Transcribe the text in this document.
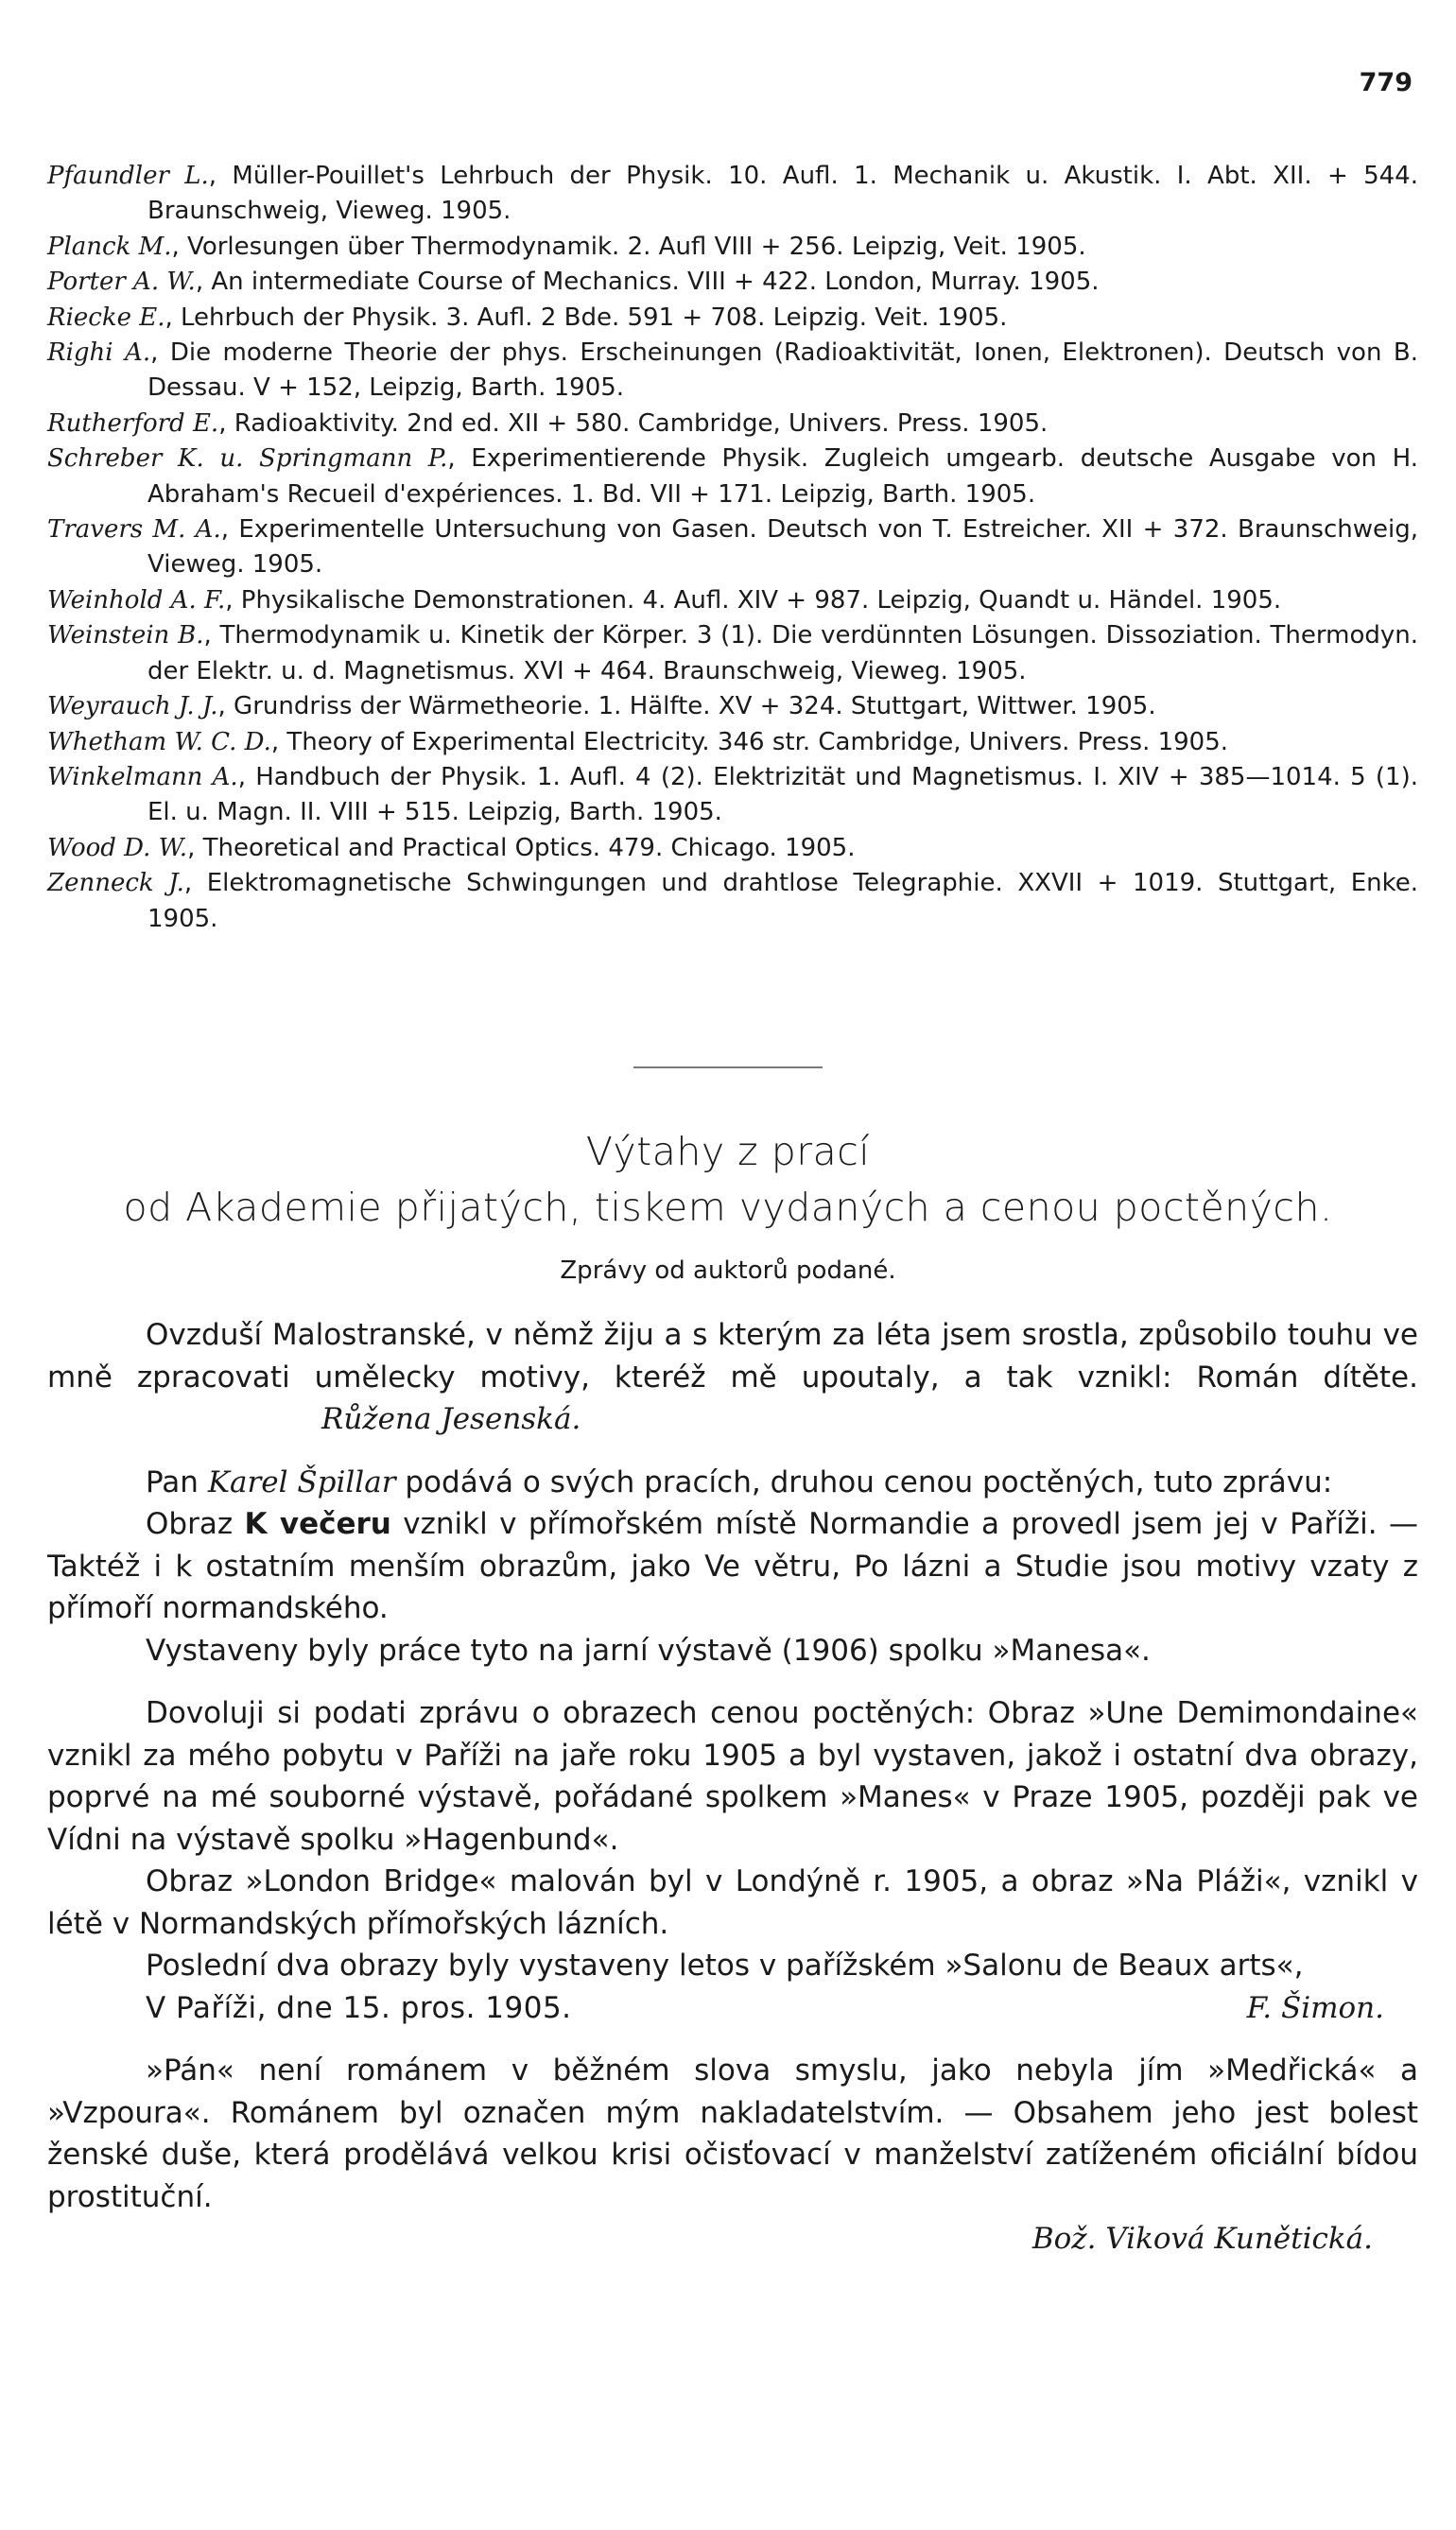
779
Pfaundler L., Müller-Pouillet's Lehrbuch der Physik. 10. Aufl. 1. Mechanik u. Akustik. I. Abt. XII. + 544. Braunschweig, Vieweg. 1905.
Planck M., Vorlesungen über Thermodynamik. 2. Aufl VIII + 256. Leipzig, Veit. 1905.
Porter A. W., An intermediate Course of Mechanics. VIII + 422. London, Murray. 1905.
Riecke E., Lehrbuch der Physik. 3. Aufl. 2 Bde. 591 + 708. Leipzig. Veit. 1905.
Righi A., Die moderne Theorie der phys. Erscheinungen (Radioaktivität, Ionen, Elektronen). Deutsch von B. Dessau. V + 152, Leipzig, Barth. 1905.
Rutherford E., Radioaktivity. 2nd ed. XII + 580. Cambridge, Univers. Press. 1905.
Schreber K. u. Springmann P., Experimentierende Physik. Zugleich umgearb. deutsche Ausgabe von H. Abraham's Recueil d'expériences. 1. Bd. VII + 171. Leipzig, Barth. 1905.
Travers M. A., Experimentelle Untersuchung von Gasen. Deutsch von T. Estreicher. XII + 372. Braunschweig, Vieweg. 1905.
Weinhold A. F., Physikalische Demonstrationen. 4. Aufl. XIV + 987. Leipzig, Quandt u. Händel. 1905.
Weinstein B., Thermodynamik u. Kinetik der Körper. 3 (1). Die verdünnten Lösungen. Dissoziation. Thermodyn. der Elektr. u. d. Magnetismus. XVI + 464. Braunschweig, Vieweg. 1905.
Weyrauch J. J., Grundriss der Wärmetheorie. 1. Hälfte. XV + 324. Stuttgart, Wittwer. 1905.
Whetham W. C. D., Theory of Experimental Electricity. 346 str. Cambridge, Univers. Press. 1905.
Winkelmann A., Handbuch der Physik. 1. Aufl. 4 (2). Elektrizität und Magnetismus. I. XIV + 385—1014. 5 (1). El. u. Magn. II. VIII + 515. Leipzig, Barth. 1905.
Wood D. W., Theoretical and Practical Optics. 479. Chicago. 1905.
Zenneck J., Elektromagnetische Schwingungen und drahtlose Telegraphie. XXVII + 1019. Stuttgart, Enke. 1905.
Výtahy z prací
od Akademie přijatých, tiskem vydaných a cenou poctěných.
Zprávy od auktorů podané.

Ovzduší Malostranské, v němž žiju a s kterým za léta jsem srostla, způsobilo touhu ve mně zpracovati umělecky motivy, kteréž mě upoutaly, a tak vznikl: Román dítěte.Růžena Jesenská.

Pan Karel Špillar podává o svých pracích, druhou cenou poctěných, tuto zprávu:

Obraz K večeru vznikl v přímořském místě Normandie a provedl jsem jej v Paříži. — Taktéž i k ostatním menším obrazům, jako Ve větru, Po lázni a Studie jsou motivy vzaty z přímoří normandského.

Vystaveny byly práce tyto na jarní výstavě (1906) spolku »Manesa«.

Dovoluji si podati zprávu o obrazech cenou poctěných: Obraz »Une Demimondaine« vznikl za mého pobytu v Paříži na jaře roku 1905 a byl vystaven, jakož i ostatní dva obrazy, poprvé na mé souborné výstavě, pořádané spolkem »Manes« v Praze 1905, později pak ve Vídni na výstavě spolku »Hagenbund«.

Obraz »London Bridge« malován byl v Londýně r. 1905, a obraz »Na Pláži«, vznikl v létě v Normandských přímořských lázních.

Poslední dva obrazy byly vystaveny letos v pařížském »Salonu de Beaux arts«,

V Paříži, dne 15. pros. 1905.	F. Šimon.

»Pán« není románem v běžném slova smyslu, jako nebyla jím »Medřická« a »Vzpoura«. Románem byl označen mým nakladatelstvím. — Obsahem jeho jest bolest ženské duše, která prodělává velkou krisi očisťovací v manželství zatíženém oficiální bídou prostituční.

Bož. Viková Kunětická.
